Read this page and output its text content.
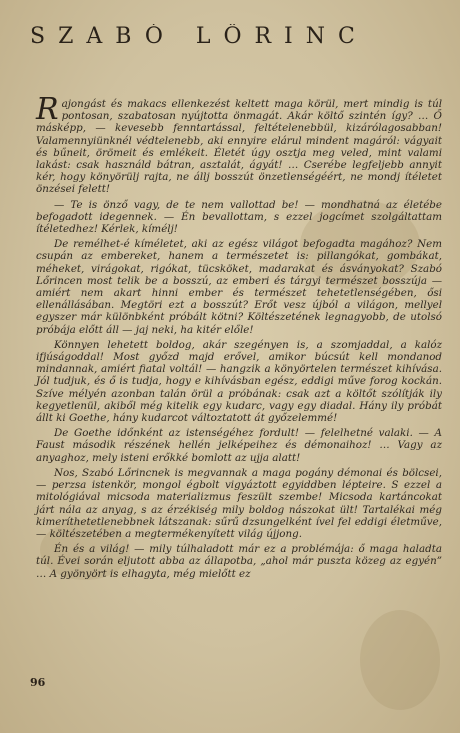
SZABÓ LŐRINC

Rajongást és makacs ellenkezést keltett maga körül, mert mindig is túl pontosan, szabatosan nyújtotta önmagát. Akár költő szintén így? … Ő másképp, — kevesebb fenntartással, feltételenebbül, kizárólagosabban! Valamennyiünknél védtelenebb, aki ennyire elárul mindent magáról: vágyait és bűneit, örömeit és emlékeit. Életét úgy osztja meg veled, mint valami lakást: csak használd bátran, asztalát, ágyát! … Cserébe legfeljebb annyit kér, hogy könyörülj rajta, ne állj bosszút önzetlenségéért, ne mondj ítéletet önzései felett!

— Te is önző vagy, de te nem vallottad be! — mondhatná az életébe befogadott idegennek. — Én bevallottam, s ezzel jogcímet szolgáltattam ítéletedhez! Kérlek, kímélj!

De remélhet-é kíméletet, aki az egész világot befogadta magához? Nem csupán az embereket, hanem a természetet is: pillangókat, gombákat, méheket, virágokat, rigókat, tücsköket, madarakat és ásványokat? Szabó Lőrincen most telik be a bosszú, az emberi és tárgyi természet bosszúja — amiért nem akart hinni ember és természet tehetetlenségében, ősi ellenállásában. Megtöri ezt a bosszút? Erőt vesz újból a világon, mellyel egyszer már különbként próbált kötni? Költészetének legnagyobb, de utolsó próbája előtt áll — jaj neki, ha kitér előle!

Könnyen lehetett boldog, akár szegényen is, a szomjaddal, a kalóz ifjúságoddal! Most győzd majd erővel, amikor búcsút kell mondanod mindannak, amiért fiatal voltál! — hangzik a könyörtelen természet kihívása. Jól tudjuk, és ő is tudja, hogy e kihívásban egész, eddigi műve forog kockán. Szíve mélyén azonban talán örül a próbának: csak azt a költőt szólítják ily kegyetlenül, akiből még kitelik egy kudarc, vagy egy diadal. Hány ily próbát állt ki Goethe, hány kudarcot változtatott át győzelemmé!

De Goethe időnként az istenségéhez fordult! — felelhetné valaki. — A Faust második részének hellén jelképeihez és démonaihoz! … Vagy az anyaghoz, mely isteni erőkké bomlott az ujja alatt!

Nos, Szabó Lőrincnek is megvannak a maga pogány démonai és bölcsei, — perzsa istenkör, mongol égbolt vigyáztott egyiddben lépteire. S ezzel a mitológiával micsoda materializmus feszült szembe! Micsoda kartáncokat járt nála az anyag, s az érzékiség mily boldog nászokat ült! Tartalékai még kimeríthetetlenebbnek látszanak: sűrű dzsungelként ível fel eddigi életműve, — költészetében a megtermékenyített világ újjong.

Én és a világ! — mily túlhaladott már ez a problémája: ő maga haladta túl. Évei során eljutott abba az állapotba, „ahol már puszta közeg az egyén” … A gyönyört is elhagyta, még mielőtt ez

96
